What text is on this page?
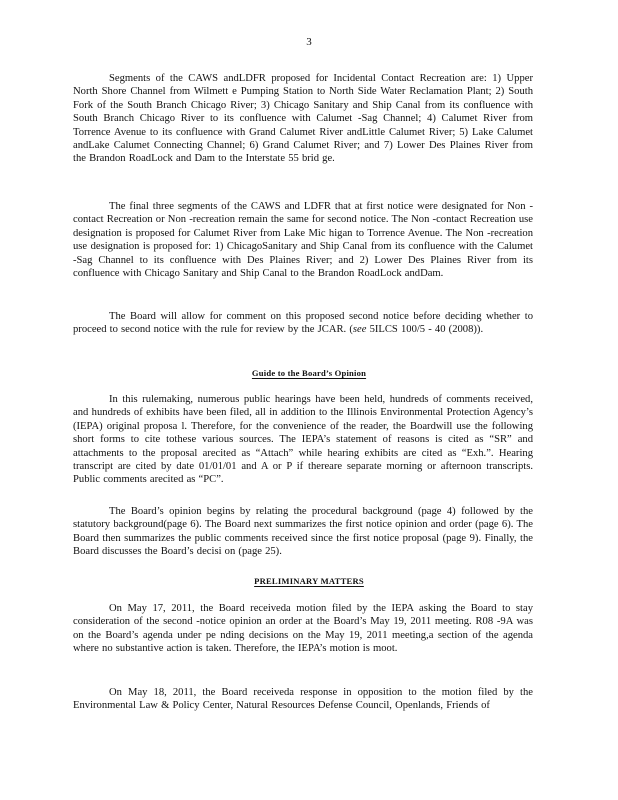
3

Segments of the CAWS andLDFR proposed for Incidental Contact Recreation are: 1) Upper North Shore Channel from Wilmett e Pumping Station to North Side Water Reclamation Plant; 2) South Fork of the South Branch Chicago River; 3) Chicago Sanitary and Ship Canal from its confluence with South Branch Chicago River to its confluence with Calumet -Sag Channel; 4) Calumet River from Torrence Avenue to its confluence with Grand Calumet River andLittle Calumet River; 5) Lake Calumet andLake Calumet Connecting Channel; 6) Grand Calumet River; and 7) Lower Des Plaines River from the Brandon RoadLock and Dam to the Interstate 55 brid ge.

The final three segments of the CAWS and LDFR that at first notice were designated for Non -contact Recreation or Non -recreation remain the same for second notice. The Non -contact Recreation use designation is proposed for Calumet River from Lake Mic higan to Torrence Avenue. The Non -recreation use designation is proposed for: 1) ChicagoSanitary and Ship Canal from its confluence with the Calumet -Sag Channel to its confluence with Des Plaines River; and 2) Lower Des Plaines River from its confluence with Chicago Sanitary and Ship Canal to the Brandon RoadLock andDam.

The Board will allow for comment on this proposed second notice before deciding whether to proceed to second notice with the rule for review by the JCAR. (see 5ILCS 100/5 - 40 (2008)).

Guide to the Board’s Opinion

In this rulemaking, numerous public hearings have been held, hundreds of comments received, and hundreds of exhibits have been filed, all in addition to the Illinois Environmental Protection Agency’s (IEPA) original proposa l. Therefore, for the convenience of the reader, the Boardwill use the following short forms to cite tothese various sources. The IEPA’s statement of reasons is cited as “SR” and attachments to the proposal arecited as “Attach” while hearing exhibits are cited as “Exh.”. Hearing transcript are cited by date 01/01/01 and A or P if thereare separate morning or afternoon transcripts. Public comments arecited as “PC”.

The Board’s opinion begins by relating the procedural background (page 4) followed by the statutory background(page 6). The Board next summarizes the first notice opinion and order (page 6). The Board then summarizes the public comments received since the first notice proposal (page 9). Finally, the Board discusses the Board’s decisi on (page 25).

PRELIMINARY MATTERS

On May 17, 2011, the Board receiveda motion filed by the IEPA asking the Board to stay consideration of the second -notice opinion an order at the Board’s May 19, 2011 meeting. R08 -9A was on the Board’s agenda under pe nding decisions on the May 19, 2011 meeting,a section of the agenda where no substantive action is taken. Therefore, the IEPA’s motion is moot.

On May 18, 2011, the Board receiveda response in opposition to the motion filed by the Environmental Law & Policy Center, Natural Resources Defense Council, Openlands, Friends of
